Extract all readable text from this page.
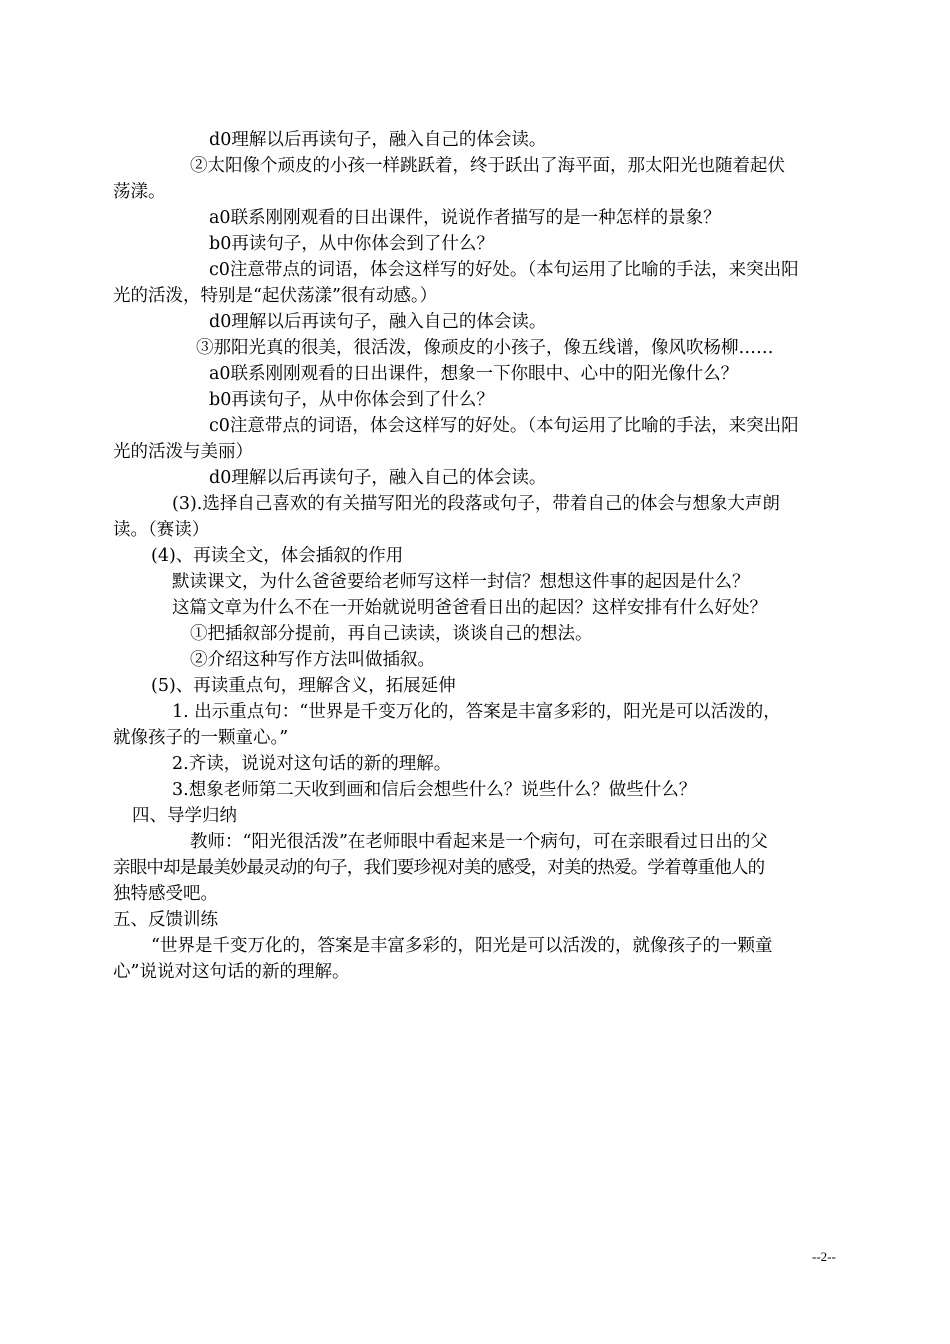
d0理解以后再读句子，融入自己的体会读。
②太阳像个顽皮的小孩一样跳跃着，终于跃出了海平面，那太阳光也随着起伏
荡漾。
a0联系刚刚观看的日出课件，说说作者描写的是一种怎样的景象？
b0再读句子，从中你体会到了什么？
c0注意带点的词语，体会这样写的好处。（本句运用了比喻的手法，来突出阳
光的活泼，特别是“起伏荡漾”很有动感。）
d0理解以后再读句子，融入自己的体会读。
③那阳光真的很美，很活泼，像顽皮的小孩子，像五线谱，像风吹杨柳……
a0联系刚刚观看的日出课件，想象一下你眼中、心中的阳光像什么？
b0再读句子，从中你体会到了什么？
c0注意带点的词语，体会这样写的好处。（本句运用了比喻的手法，来突出阳
光的活泼与美丽）
d0理解以后再读句子，融入自己的体会读。
(3).选择自己喜欢的有关描写阳光的段落或句子，带着自己的体会与想象大声朗
读。（赛读）
(4)、再读全文，体会插叙的作用
默读课文，为什么爸爸要给老师写这样一封信？想想这件事的起因是什么？
这篇文章为什么不在一开始就说明爸爸看日出的起因？这样安排有什么好处？
①把插叙部分提前，再自己读读，谈谈自己的想法。
②介绍这种写作方法叫做插叙。
(5)、再读重点句，理解含义，拓展延伸
1. 出示重点句：“世界是千变万化的，答案是丰富多彩的，阳光是可以活泼的，
就像孩子的一颗童心。”
2.齐读，说说对这句话的新的理解。
3.想象老师第二天收到画和信后会想些什么？说些什么？做些什么？
四、导学归纳
教师：“阳光很活泼”在老师眼中看起来是一个病句，可在亲眼看过日出的父
亲眼中却是最美妙最灵动的句子，我们要珍视对美的感受，对美的热爱。学着尊重他人的
独特感受吧。
五、反馈训练
“世界是千变万化的，答案是丰富多彩的，阳光是可以活泼的，就像孩子的一颗童
心”说说对这句话的新的理解。
--2--
